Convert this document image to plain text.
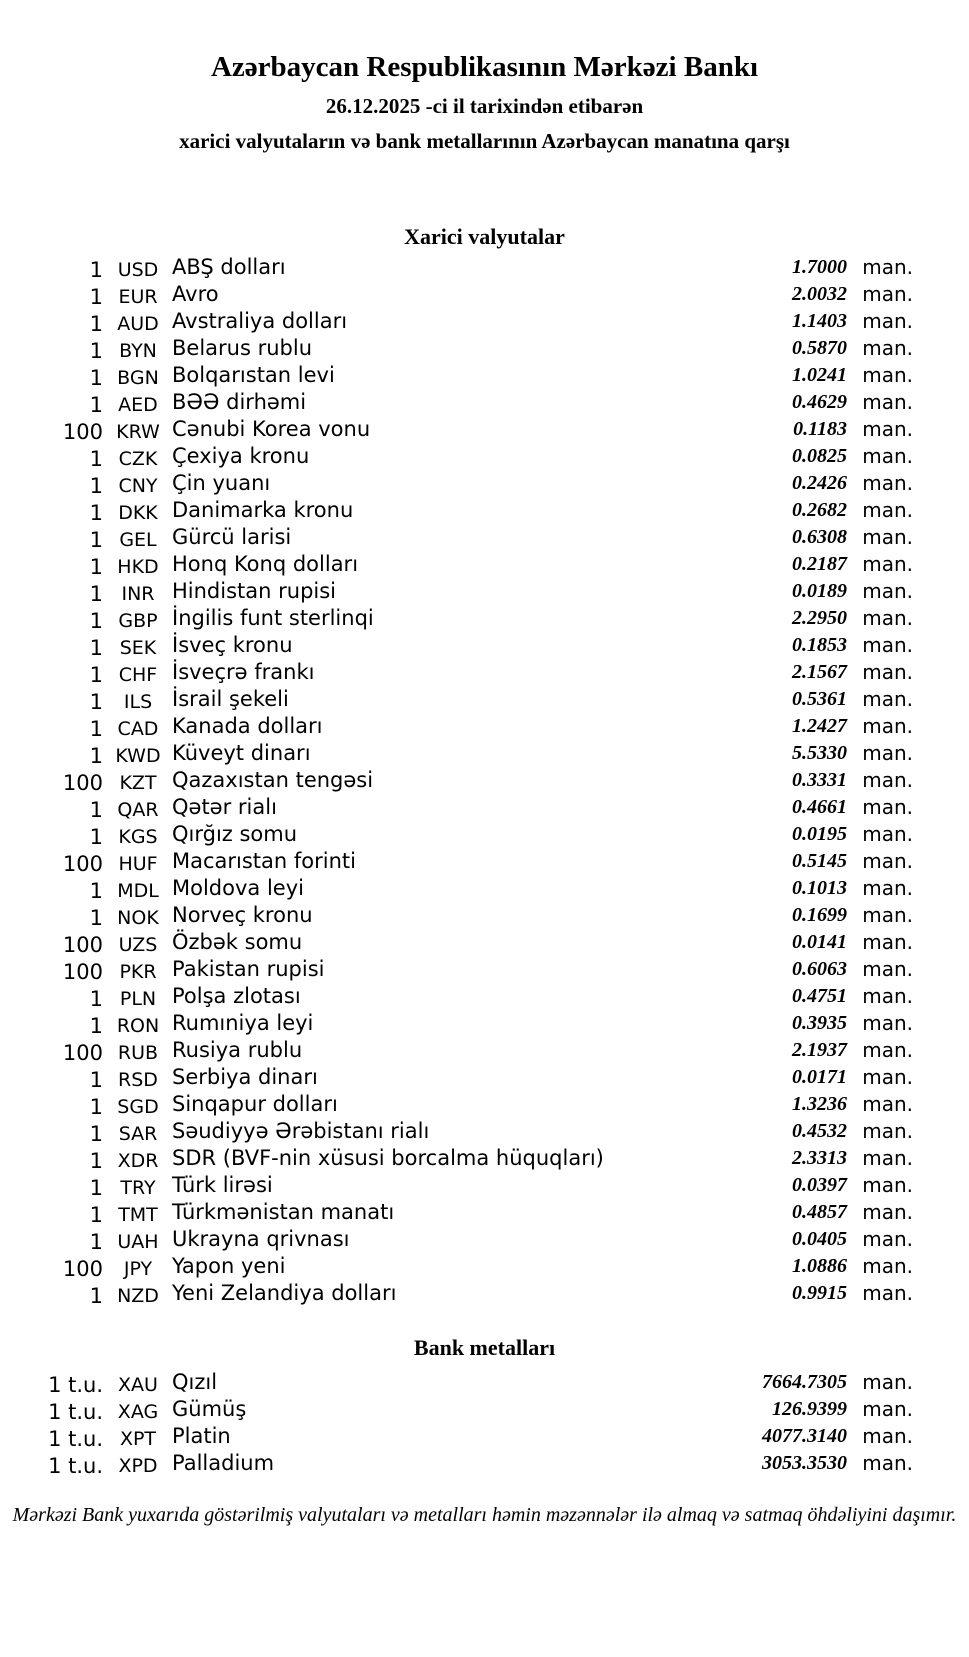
Azərbaycan Respublikasının Mərkəzi Bankı
26.12.2025 -ci il tarixindən etibarən
xarici valyutaların və bank metallarının Azərbaycan manatına qarşı
Xarici valyutalar
1 USD ABŞ dolları	1.7000 man.
1 EUR Avro	2.0032 man.
1 AUD Avstraliya dolları	1.1403 man.
1 BYN Belarus rublu	0.5870 man.
1 BGN Bolqarıstan levi	1.0241 man.
1 AED BƏƏ dirhəmi	0.4629 man.
100 KRW Cənubi Korea vonu	0.1183 man.
1 CZK Çexiya kronu	0.0825 man.
1 CNY Çin yuanı	0.2426 man.
1 DKK Danimarka kronu	0.2682 man.
1 GEL Gürcü larisi	0.6308 man.
1 HKD Honq Konq dolları	0.2187 man.
1 INR Hindistan rupisi	0.0189 man.
1 GBP İngilis funt sterlinqi	2.2950 man.
1 SEK İsveç kronu	0.1853 man.
1 CHF İsveçrə frankı	2.1567 man.
1	ILS İsrail şekeli	0.5361 man.
1 CAD Kanada dolları	1.2427 man.
1 KWD Küveyt dinarı	5.5330 man.
100 KZT Qazaxıstan tengəsi	0.3331 man.
1 QAR Qətər rialı	0.4661 man.
1 KGS Qırğız somu	0.0195 man.
100 HUF Macarıstan forinti	0.5145 man.
1 MDL Moldova leyi	0.1013 man.
1 NOK Norveç kronu	0.1699 man.
100 UZS Özbək somu	0.0141 man.
100 PKR Pakistan rupisi	0.6063 man.
1 PLN Polşa zlotası	0.4751 man.
1 RON Rumıniya leyi	0.3935 man.
100 RUB Rusiya rublu	2.1937 man.
1 RSD Serbiya dinarı	0.0171 man.
1 SGD Sinqapur dolları	1.3236 man.
1 SAR Səudiyyə Ərəbistanı rialı	0.4532 man.
1 XDR SDR (BVF-nin xüsusi borcalma hüquqları)	2.3313 man.
1 TRY Türk lirəsi	0.0397 man.
1 TMT Türkmənistan manatı	0.4857 man.
1 UAH Ukrayna qrivnası	0.0405 man.
100	JPY Yapon yeni	1.0886 man.
1 NZD Yeni Zelandiya dolları	0.9915 man.
Bank metalları
1 t.u. XAU Qızıl	7664.7305 man.
1 t.u. XAG Gümüş	126.9399 man.
1 t.u. XPT Platin	4077.3140 man.
1 t.u. XPD Palladium	3053.3530 man.
Mərkəzi Bank yuxarıda göstərilmiş valyutaları və metalları həmin məzənnələr ilə almaq və satmaq öhdəliyini daşımır.
